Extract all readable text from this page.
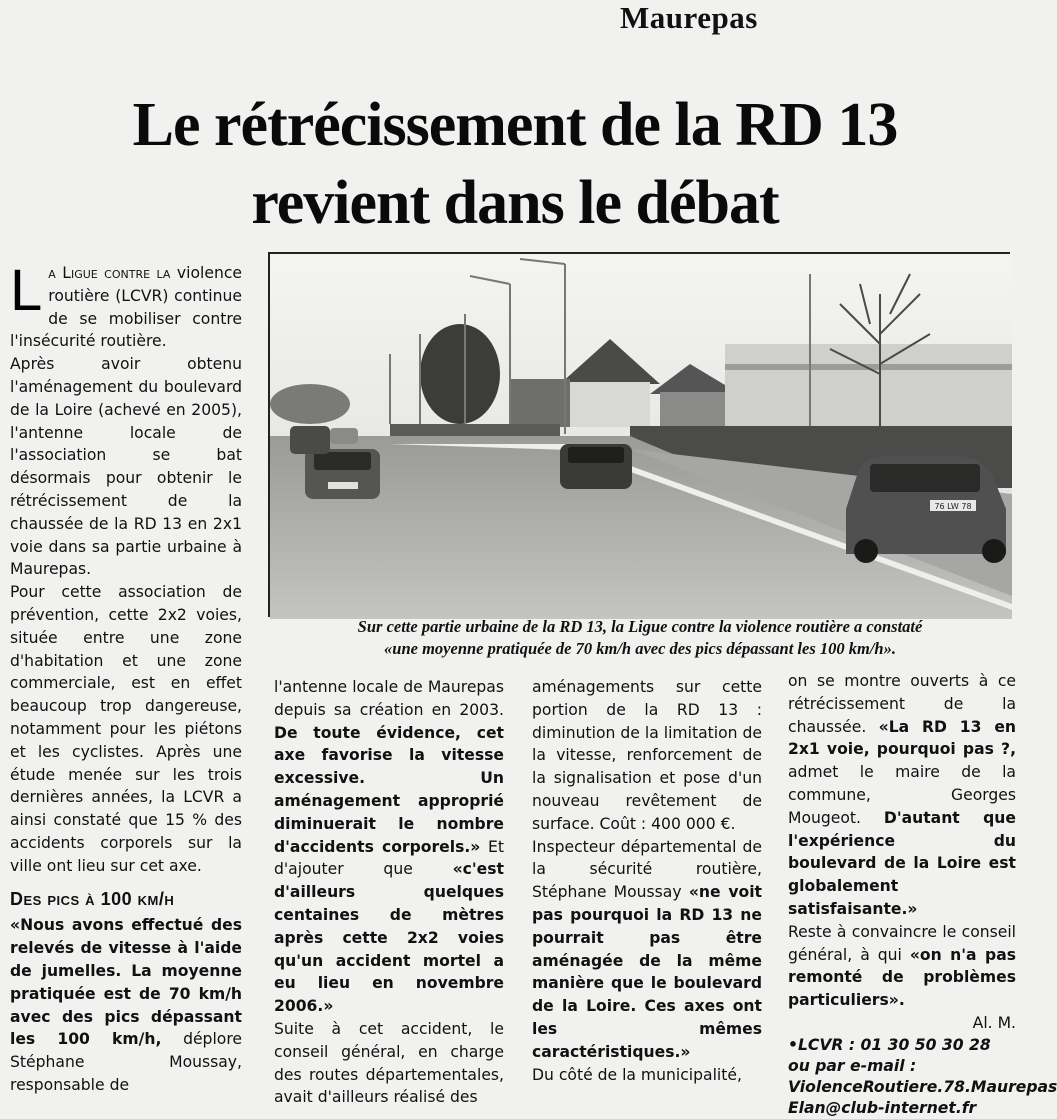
Maurepas
Le rétrécissement de la RD 13
revient dans le débat

La Ligue contre la violence routière (LCVR) continue de se mobiliser contre l'insécurité routière.

Après avoir obtenu l'aménagement du boulevard de la Loire (achevé en 2005), l'antenne locale de l'association se bat désormais pour obtenir le rétrécissement de la chaussée de la RD 13 en 2x1 voie dans sa partie urbaine à Maurepas.

Pour cette association de prévention, cette 2x2 voies, située entre une zone d'habitation et une zone commerciale, est en effet beaucoup trop dangereuse, notamment pour les piétons et les cyclistes. Après une étude menée sur les trois dernières années, la LCVR a ainsi constaté que 15 % des accidents corporels sur la ville ont lieu sur cet axe.

Des pics à 100 km/h

«Nous avons effectué des relevés de vitesse à l'aide de jumelles. La moyenne pratiquée est de 70 km/h avec des pics dépassant les 100 km/h, déplore Stéphane Moussay, responsable de

76 LW 78
Sur cette partie urbaine de la RD 13, la Ligue contre la violence routière a constaté
«une moyenne pratiquée de 70 km/h avec des pics dépassant les 100 km/h».

l'antenne locale de Maurepas depuis sa création en 2003. De toute évidence, cet axe favorise la vitesse excessive. Un aménagement approprié diminuerait le nombre d'accidents corporels.» Et d'ajouter que «c'est d'ailleurs quelques centaines de mètres après cette 2x2 voies qu'un accident mortel a eu lieu en novembre 2006.»

Suite à cet accident, le conseil général, en charge des routes départementales, avait d'ailleurs réalisé des

aménagements sur cette portion de la RD 13 : diminution de la limitation de la vitesse, renforcement de la signalisation et pose d'un nouveau revêtement de surface. Coût : 400 000 €.

Inspecteur départemental de la sécurité routière, Stéphane Moussay «ne voit pas pourquoi la RD 13 ne pourrait pas être aménagée de la même manière que le boulevard de la Loire. Ces axes ont les mêmes caractéristiques.»

Du côté de la municipalité,

on se montre ouverts à ce rétrécissement de la chaussée. «La RD 13 en 2x1 voie, pourquoi pas ?, admet le maire de la commune, Georges Mougeot. D'autant que l'expérience du boulevard de la Loire est globalement satisfaisante.»

Reste à convaincre le conseil général, à qui «on n'a pas remonté de problèmes particuliers».
Al. M.

•LCVR : 01 30 50 30 28
ou par e-mail :
ViolenceRoutiere.78.Maurepas
Elan@club-internet.fr
